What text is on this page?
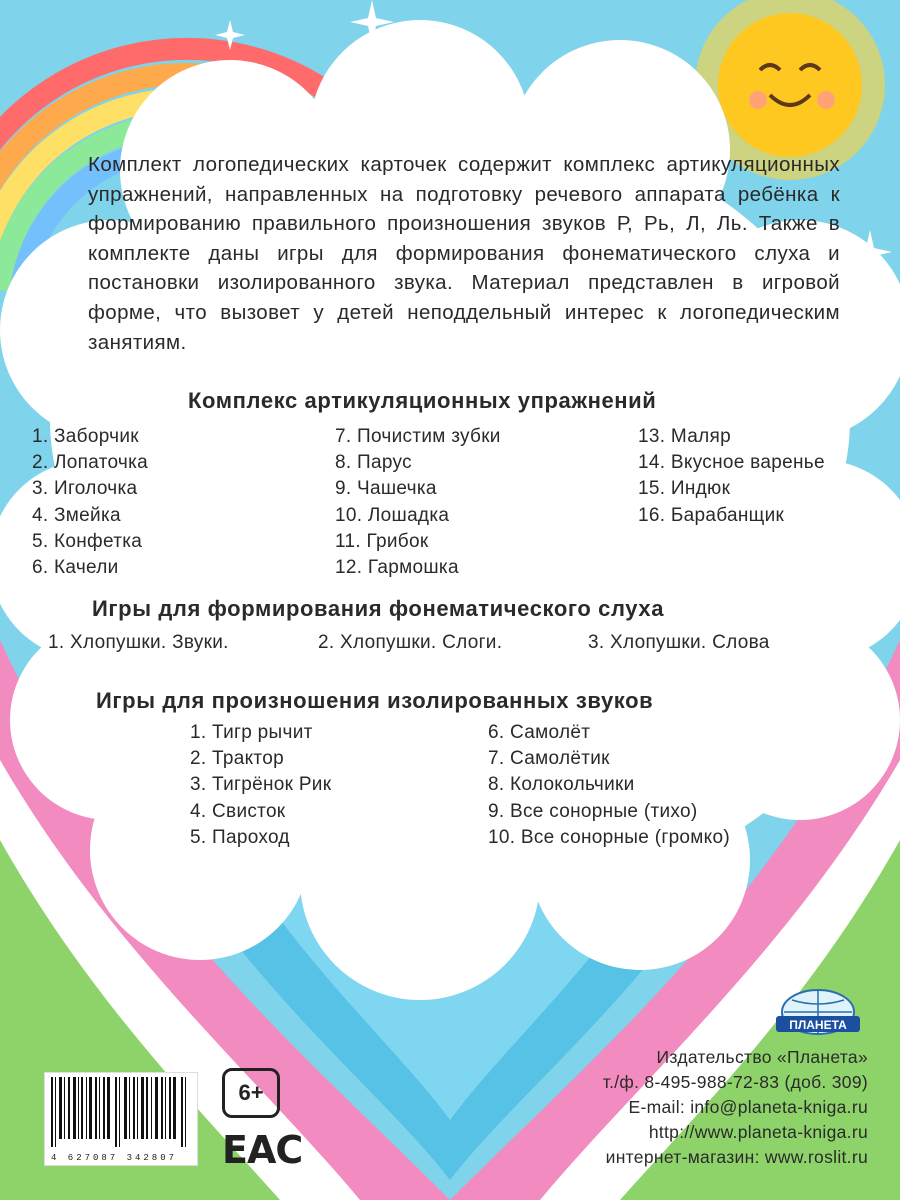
Комплект логопедических карточек содержит комплекс артикуляционных упражнений, направленных на подготовку речевого аппарата ребёнка к формированию правильного произношения звуков Р, Рь, Л, Ль. Также в комплекте даны игры для формирования фонематического слуха и постановки изолированного звука. Материал представлен в игровой форме, что вызовет у детей неподдельный интерес к логопедическим занятиям.

Комплекс артикуляционных упражнений
1. Заборчик
2. Лопаточка
3. Иголочка
4. Змейка
5. Конфетка
6. Качели
7. Почистим зубки
8. Парус
9. Чашечка
10. Лошадка
11. Грибок
12. Гармошка
13. Маляр
14. Вкусное варенье
15. Индюк
16. Барабанщик
Игры для формирования фонематического слуха
1. Хлопушки. Звуки.	2. Хлопушки. Слоги.	3. Хлопушки. Слова
Игры для произношения изолированных звуков
1. Тигр рычит
2. Трактор
3. Тигрёнок Рик
4. Свисток
5. Пароход
6. Самолёт
7. Самолётик
8. Колокольчики
9. Все сонорные (тихо)
10. Все сонорные (громко)
ПЛАНЕТА
Издательство «Планета»
т./ф. 8-495-988-72-83 (доб. 309)
E-mail: info@planeta-kniga.ru
http://www.planeta-kniga.ru
интернет-магазин: www.roslit.ru
6+
ЕАС
4 627087 342807
